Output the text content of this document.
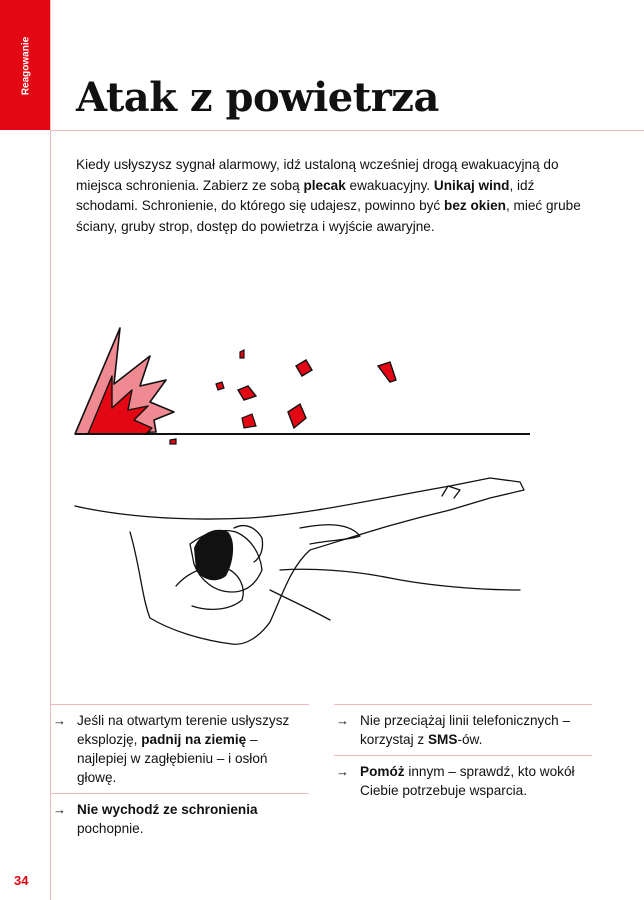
Reagowanie
Atak z powietrza

Kiedy usłyszysz sygnał alarmowy, idź ustaloną wcześniej drogą ewakuacyjną do miejsca schronienia. Zabierz ze sobą plecak ewakuacyjny. Unikaj wind, idź schodami. Schronienie, do którego się udajesz, powinno być bez okien, mieć grube ściany, gruby strop, dostęp do powietrza i wyjście awaryjne.

→ Jeśli na otwartym terenie usłyszysz eksplozję, padnij na ziemię – najlepiej w zagłębieniu – i osłoń głowę.

→ Nie wychodź ze schronienia pochopnie.

→ Nie przeciążaj linii telefonicznych – korzystaj z SMS-ów.

→ Pomóż innym – sprawdź, kto wokół Ciebie potrzebuje wsparcia.

34
